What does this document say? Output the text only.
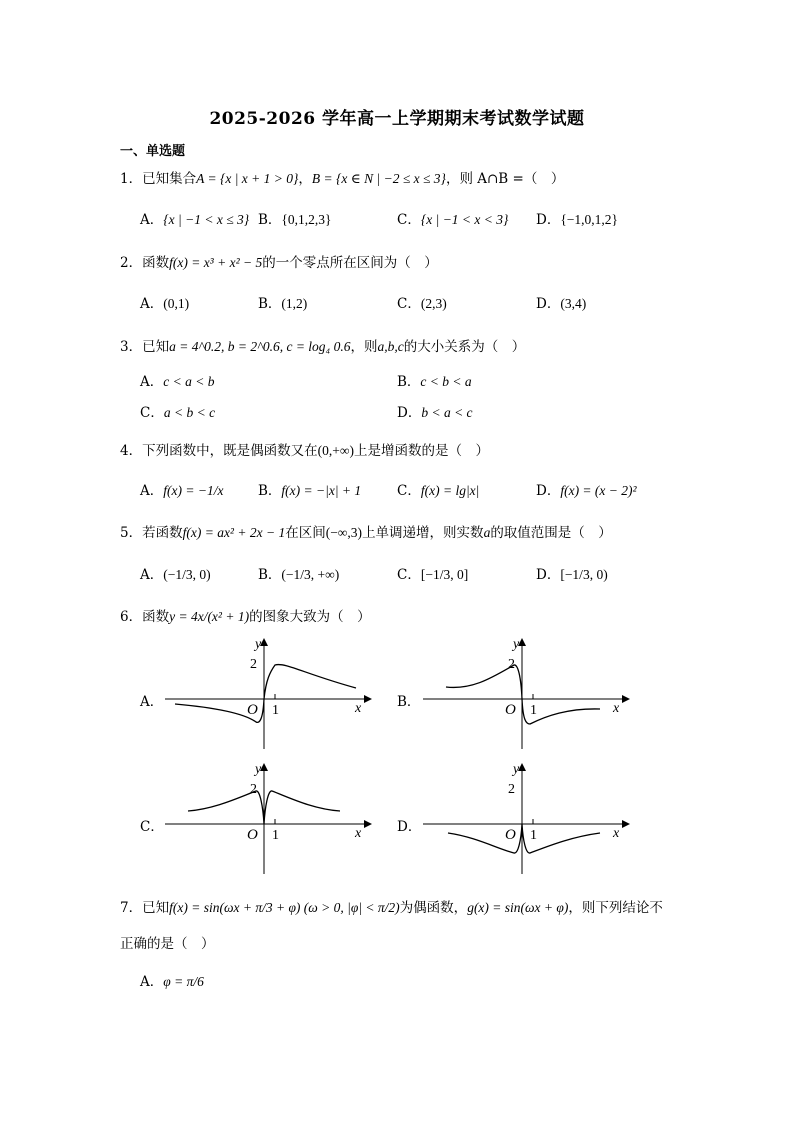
2025-2026 学年高一上学期期末考试数学试题
一、单选题
1．已知集合A = {x | x + 1 > 0}，B = {x ∈ N | −2 ≤ x ≤ 3}，则 A∩B =（　）
A．{x | −1 < x ≤ 3} B．{0,1,2,3}	C．{x | −1 < x < 3} D．{−1,0,1,2}
2．函数f(x) = x³ + x² − 5的一个零点所在区间为（　）
A．(0,1)	B．(1,2)	C．(2,3)	D．(3,4)
3．已知a = 4^0.2, b = 2^0.6, c = log₄ 0.6，则a,b,c的大小关系为（　）
A．c < a < b	B．c < b < a
C．a < b < c	D．b < a < c
4．下列函数中，既是偶函数又在(0,+∞)上是增函数的是（　）
A．f(x) = −1/x	B．f(x) = −|x| + 1	C．f(x) = lg|x|	D．f(x) = (x − 2)²
5．若函数f(x) = ax² + 2x − 1在区间(−∞,3)上单调递增，则实数a的取值范围是（　）
A．(−1/3, 0)	B．(−1/3, +∞)	C．[−1/3, 0]	D．[−1/3, 0)
6．函数y = 4x/(x² + 1)的图象大致为（　）
A．	B．
C．	D．
2
1
O
y
x
2
1
O
y
x
2
1
O
y
x
2
1
O
y
x
7．已知f(x) = sin(ωx + π/3 + φ) (ω > 0, |φ| < π/2)为偶函数，g(x) = sin(ωx + φ)，则下列结论不
正确的是（　）
A．φ = π/6
